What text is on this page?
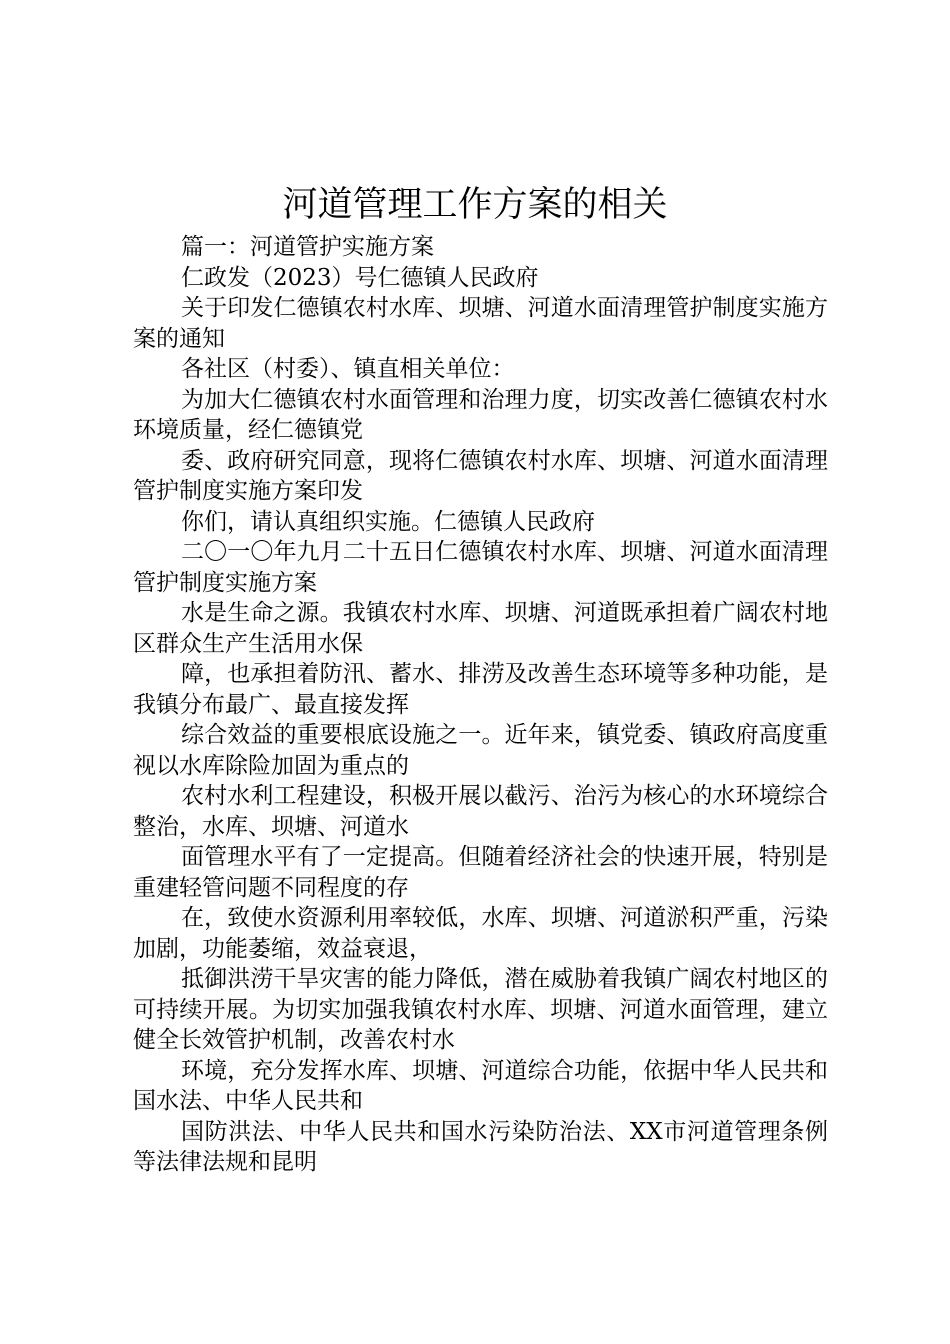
河道管理工作方案的相关

篇一：河道管护实施方案

仁政发（2023）号仁德镇人民政府

关于印发仁德镇农村水库、坝塘、河道水面清理管护制度实施方案的通知

各社区（村委）、镇直相关单位：

为加大仁德镇农村水面管理和治理力度，切实改善仁德镇农村水环境质量，经仁德镇党

委、政府研究同意，现将仁德镇农村水库、坝塘、河道水面清理管护制度实施方案印发

你们，请认真组织实施。仁德镇人民政府

二〇一〇年九月二十五日仁德镇农村水库、坝塘、河道水面清理管护制度实施方案

水是生命之源。我镇农村水库、坝塘、河道既承担着广阔农村地区群众生产生活用水保

障，也承担着防汛、蓄水、排涝及改善生态环境等多种功能，是我镇分布最广、最直接发挥

综合效益的重要根底设施之一。近年来，镇党委、镇政府高度重视以水库除险加固为重点的

农村水利工程建设，积极开展以截污、治污为核心的水环境综合整治，水库、坝塘、河道水

面管理水平有了一定提高。但随着经济社会的快速开展，特别是重建轻管问题不同程度的存

在，致使水资源利用率较低，水库、坝塘、河道淤积严重，污染加剧，功能萎缩，效益衰退，

抵御洪涝干旱灾害的能力降低，潜在威胁着我镇广阔农村地区的可持续开展。为切实加强我镇农村水库、坝塘、河道水面管理，建立健全长效管护机制，改善农村水

环境，充分发挥水库、坝塘、河道综合功能，依据中华人民共和国水法、中华人民共和

国防洪法、中华人民共和国水污染防治法、XX市河道管理条例等法律法规和昆明
